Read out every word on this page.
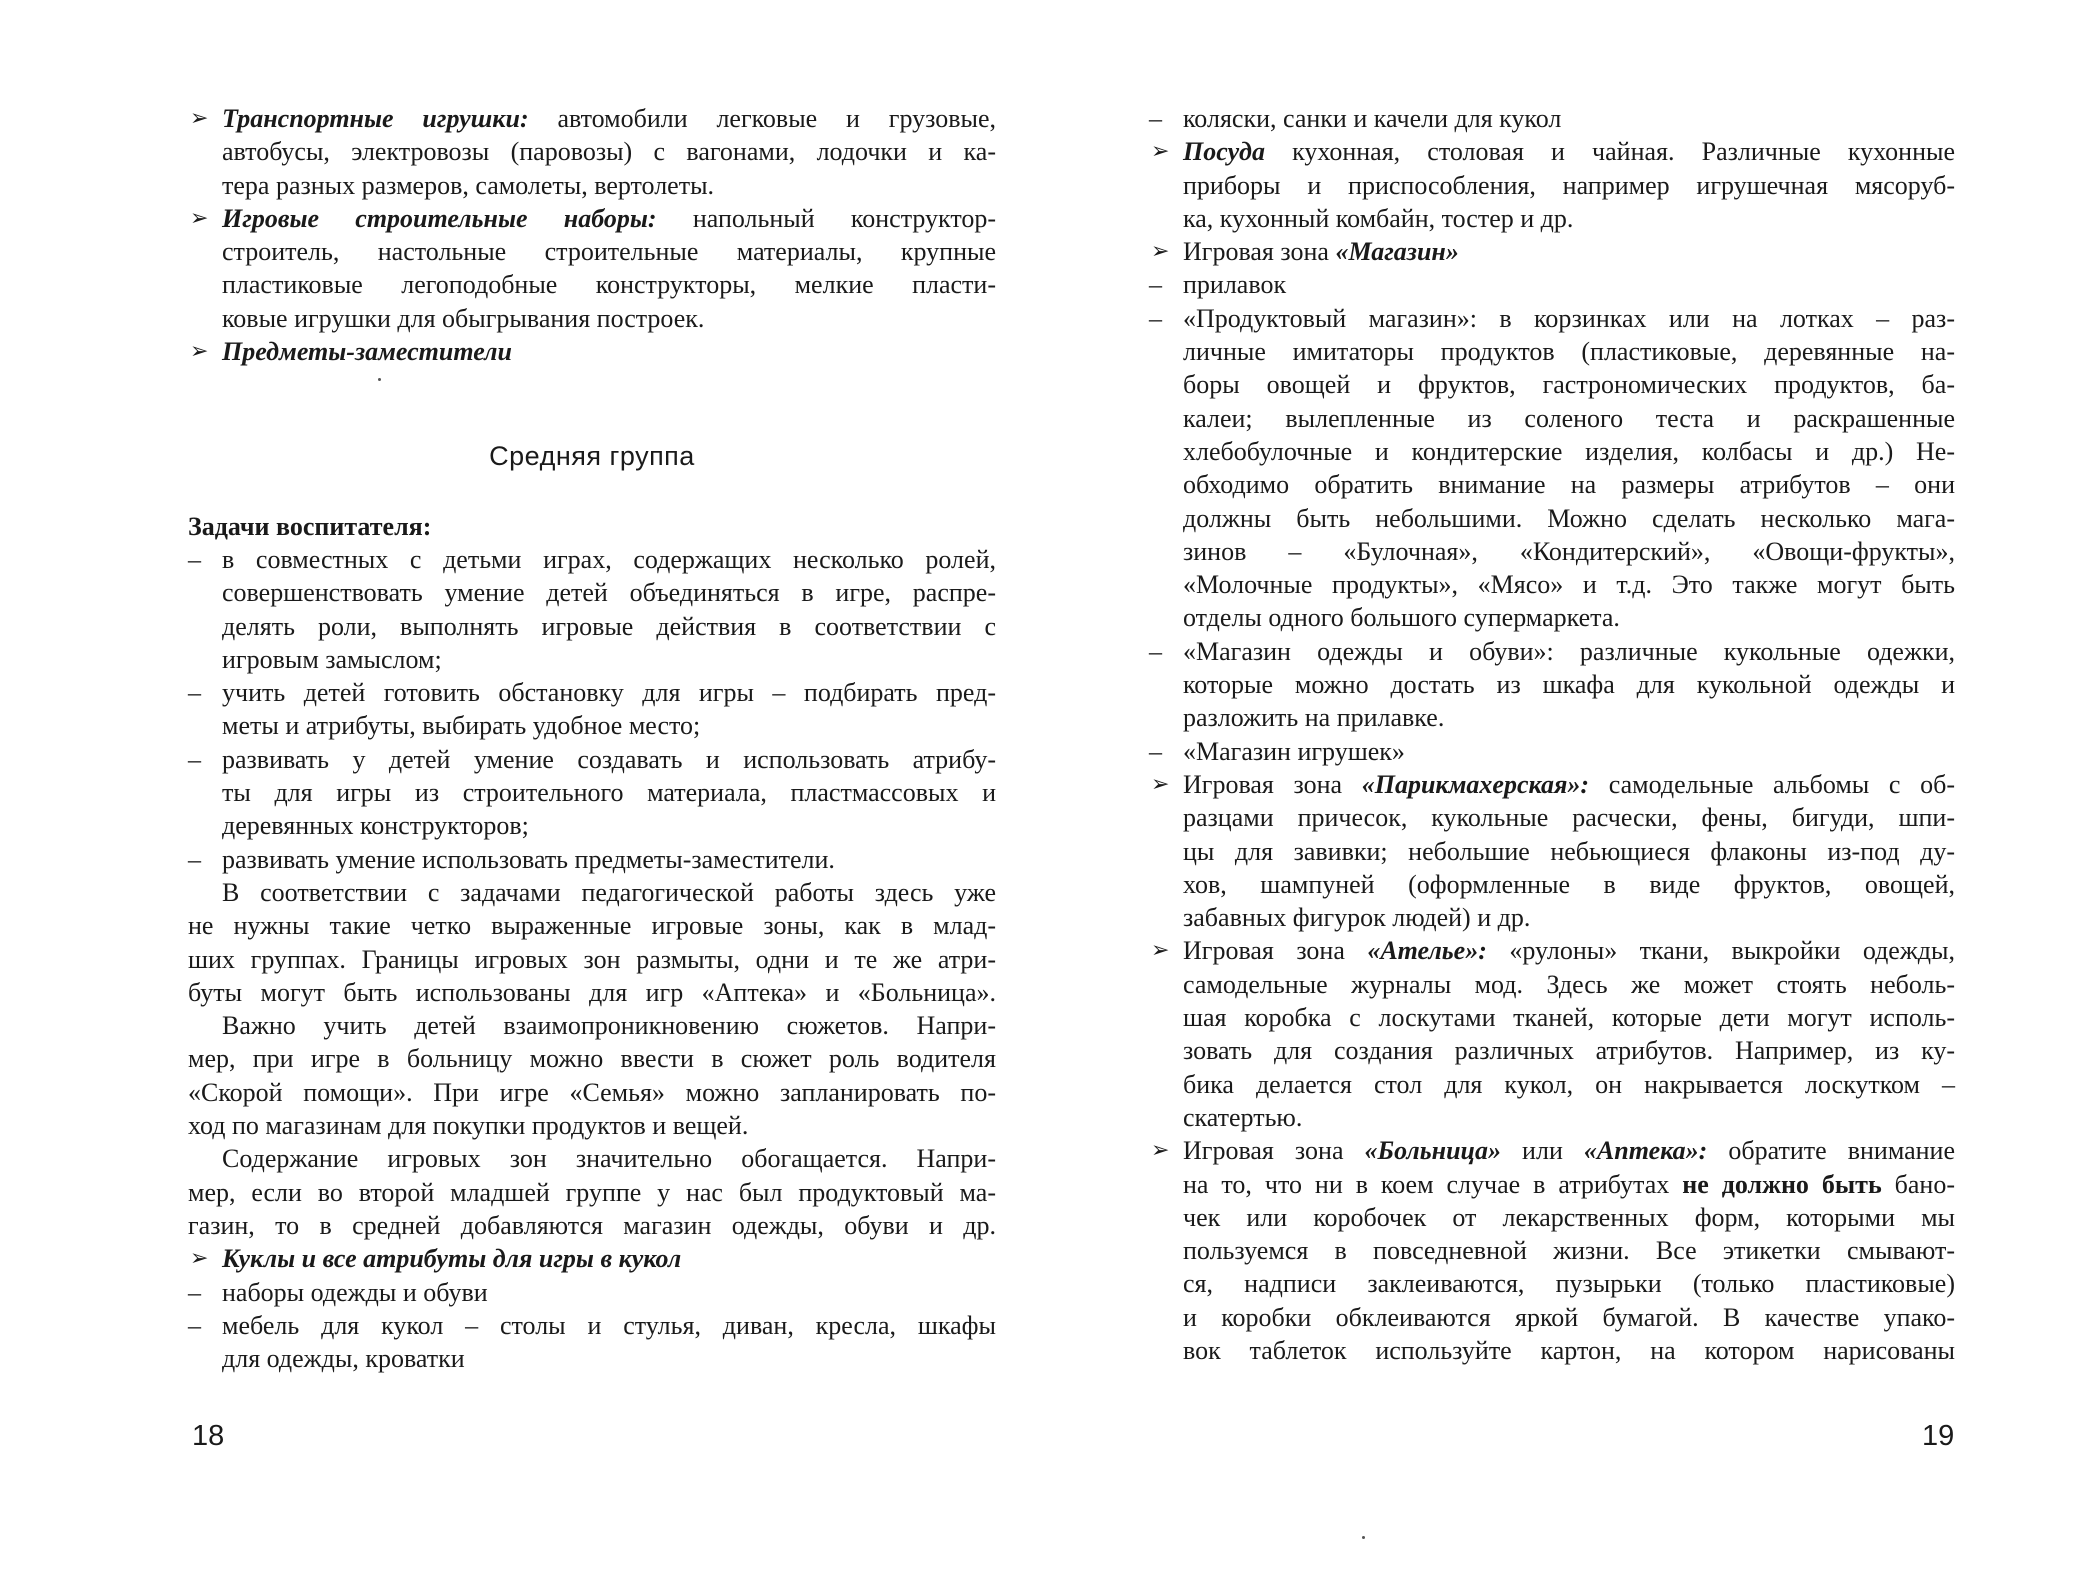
➢ Транспортные игрушки: автомобили легковые и грузовые,
автобусы, электровозы (паровозы) с вагонами, лодочки и ка-
тера разных размеров, самолеты, вертолеты.
➢ Игровые строительные наборы: напольный конструктор-
строитель, настольные строительные материалы, крупные
пластиковые легоподобные конструкторы, мелкие пласти-
ковые игрушки для обыгрывания построек.
➢ Предметы-заместители
Средняя группа
Задачи воспитателя:
– в совместных с детьми играх, содержащих несколько ролей,
совершенствовать умение детей объединяться в игре, распре-
делять роли, выполнять игровые действия в соответствии с
игровым замыслом;
– учить детей готовить обстановку для игры – подбирать пред-
меты и атрибуты, выбирать удобное место;
– развивать у детей умение создавать и использовать атрибу-
ты для игры из строительного материала, пластмассовых и
деревянных конструкторов;
– развивать умение использовать предметы-заместители.
В соответствии с задачами педагогической работы здесь уже
не нужны такие четко выраженные игровые зоны, как в млад-
ших группах. Границы игровых зон размыты, одни и те же атри-
буты могут быть использованы для игр «Аптека» и «Больница».
Важно учить детей взаимопроникновению сюжетов. Напри-
мер, при игре в больницу можно ввести в сюжет роль водителя
«Скорой помощи». При игре «Семья» можно запланировать по-
ход по магазинам для покупки продуктов и вещей.
Содержание игровых зон значительно обогащается. Напри-
мер, если во второй младшей группе у нас был продуктовый ма-
газин, то в средней добавляются магазин одежды, обуви и др.
➢ Куклы и все атрибуты для игры в кукол
– наборы одежды и обуви
– мебель для кукол – столы и стулья, диван, кресла, шкафы
для одежды, кроватки
18
– коляски, санки и качели для кукол
➢ Посуда кухонная, столовая и чайная. Различные кухонные
приборы и приспособления, например игрушечная мясоруб-
ка, кухонный комбайн, тостер и др.
➢ Игровая зона «Магазин»
– прилавок
– «Продуктовый магазин»: в корзинках или на лотках – раз-
личные имитаторы продуктов (пластиковые, деревянные на-
боры овощей и фруктов, гастрономических продуктов, ба-
калеи; вылепленные из соленого теста и раскрашенные
хлебобулочные и кондитерские изделия, колбасы и др.) Не-
обходимо обратить внимание на размеры атрибутов – они
должны быть небольшими. Можно сделать несколько мага-
зинов – «Булочная», «Кондитерский», «Овощи-фрукты»,
«Молочные продукты», «Мясо» и т.д. Это также могут быть
отделы одного большого супермаркета.
– «Магазин одежды и обуви»: различные кукольные одежки,
которые можно достать из шкафа для кукольной одежды и
разложить на прилавке.
– «Магазин игрушек»
➢ Игровая зона «Парикмахерская»: самодельные альбомы с об-
разцами причесок, кукольные расчески, фены, бигуди, шпи-
цы для завивки; небольшие небьющиеся флаконы из-под ду-
хов, шампуней (оформленные в виде фруктов, овощей,
забавных фигурок людей) и др.
➢ Игровая зона «Ателье»: «рулоны» ткани, выкройки одежды,
самодельные журналы мод. Здесь же может стоять неболь-
шая коробка с лоскутами тканей, которые дети могут исполь-
зовать для создания различных атрибутов. Например, из ку-
бика делается стол для кукол, он накрывается лоскутком –
скатертью.
➢ Игровая зона «Больница» или «Аптека»: обратите внимание
на то, что ни в коем случае в атрибутах не должно быть бано-
чек или коробочек от лекарственных форм, которыми мы
пользуемся в повседневной жизни. Все этикетки смывают-
ся, надписи заклеиваются, пузырьки (только пластиковые)
и коробки обклеиваются яркой бумагой. В качестве упако-
вок таблеток используйте картон, на котором нарисованы
19
